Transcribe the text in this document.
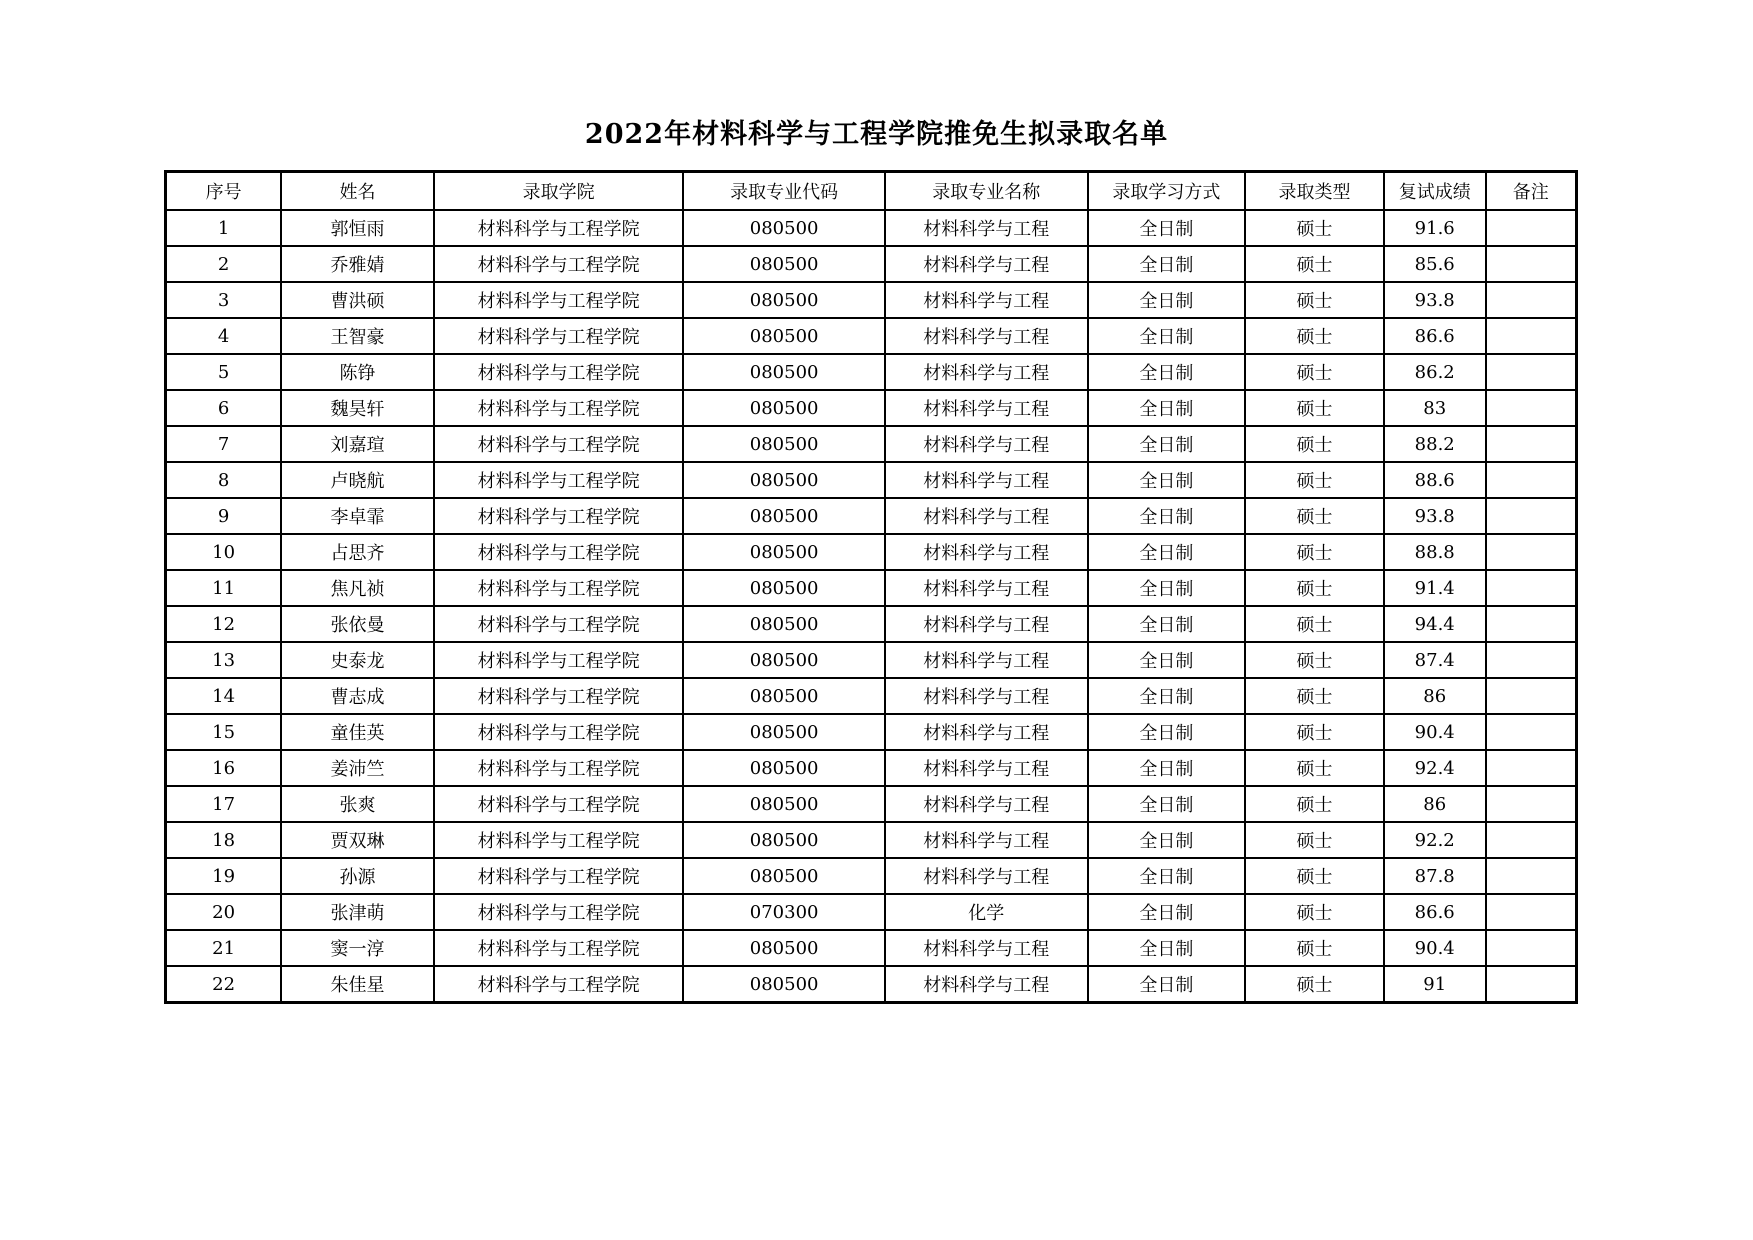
2022年材料科学与工程学院推免生拟录取名单
序号	姓名	录取学院	录取专业代码	录取专业名称	录取学习方式	录取类型	复试成绩	备注
1	郭恒雨	材料科学与工程学院	080500	材料科学与工程	全日制	硕士	91.6	
2	乔雅婧	材料科学与工程学院	080500	材料科学与工程	全日制	硕士	85.6	
3	曹洪硕	材料科学与工程学院	080500	材料科学与工程	全日制	硕士	93.8	
4	王智豪	材料科学与工程学院	080500	材料科学与工程	全日制	硕士	86.6	
5	陈铮	材料科学与工程学院	080500	材料科学与工程	全日制	硕士	86.2	
6	魏昊轩	材料科学与工程学院	080500	材料科学与工程	全日制	硕士	83	
7	刘嘉瑄	材料科学与工程学院	080500	材料科学与工程	全日制	硕士	88.2	
8	卢晓航	材料科学与工程学院	080500	材料科学与工程	全日制	硕士	88.6	
9	李卓霏	材料科学与工程学院	080500	材料科学与工程	全日制	硕士	93.8	
10	占思齐	材料科学与工程学院	080500	材料科学与工程	全日制	硕士	88.8	
11	焦凡祯	材料科学与工程学院	080500	材料科学与工程	全日制	硕士	91.4	
12	张依曼	材料科学与工程学院	080500	材料科学与工程	全日制	硕士	94.4	
13	史泰龙	材料科学与工程学院	080500	材料科学与工程	全日制	硕士	87.4	
14	曹志成	材料科学与工程学院	080500	材料科学与工程	全日制	硕士	86	
15	童佳英	材料科学与工程学院	080500	材料科学与工程	全日制	硕士	90.4	
16	姜沛竺	材料科学与工程学院	080500	材料科学与工程	全日制	硕士	92.4	
17	张爽	材料科学与工程学院	080500	材料科学与工程	全日制	硕士	86	
18	贾双琳	材料科学与工程学院	080500	材料科学与工程	全日制	硕士	92.2	
19	孙源	材料科学与工程学院	080500	材料科学与工程	全日制	硕士	87.8	
20	张津萌	材料科学与工程学院	070300	化学	全日制	硕士	86.6	
21	窦一淳	材料科学与工程学院	080500	材料科学与工程	全日制	硕士	90.4	
22	朱佳星	材料科学与工程学院	080500	材料科学与工程	全日制	硕士	91	
